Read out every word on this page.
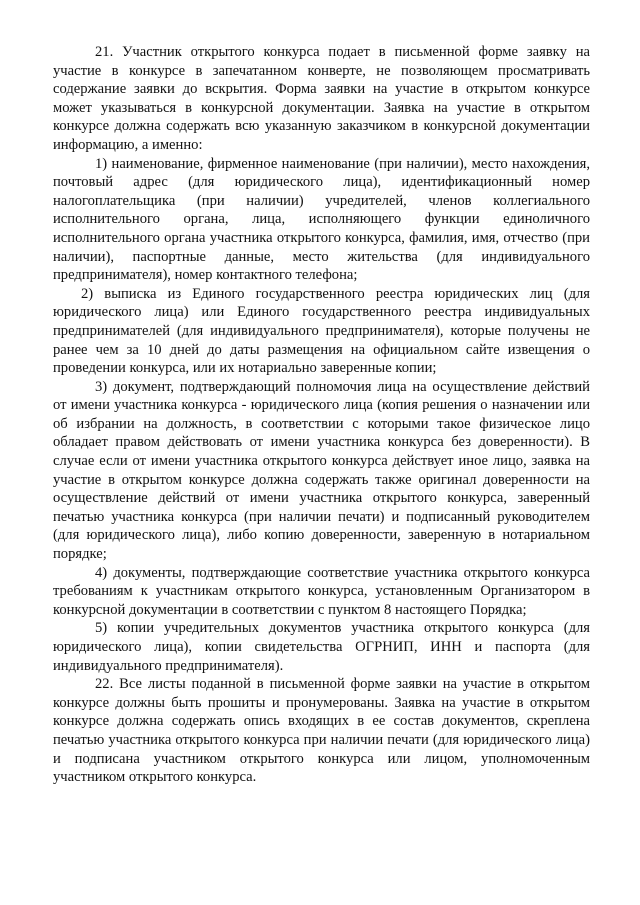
21. Участник открытого конкурса подает в письменной форме заявку на участие в конкурсе в запечатанном конверте, не позволяющем просматривать содержание заявки до вскрытия. Форма заявки на участие в открытом конкурсе может указываться в конкурсной документации. Заявка на участие в открытом конкурсе должна содержать всю указанную заказчиком в конкурсной документации информацию, а именно:

1) наименование, фирменное наименование (при наличии), место нахождения, почтовый адрес (для юридического лица), идентификационный номер налогоплательщика (при наличии) учредителей, членов коллегиального исполнительного органа, лица, исполняющего функции единоличного исполнительного органа участника открытого конкурса, фамилия, имя, отчество (при наличии), паспортные данные, место жительства (для индивидуального предпринимателя), номер контактного телефона;

2) выписка из Единого государственного реестра юридических лиц (для юридического лица) или Единого государственного реестра индивидуальных предпринимателей (для индивидуального предпринимателя), которые получены не ранее чем за 10 дней до даты размещения на официальном сайте извещения о проведении конкурса, или их нотариально заверенные копии;

3) документ, подтверждающий полномочия лица на осуществление действий от имени участника конкурса - юридического лица (копия решения о назначении или об избрании на должность, в соответствии с которыми такое физическое лицо обладает правом действовать от имени участника конкурса без доверенности). В случае если от имени участника открытого конкурса действует иное лицо, заявка на участие в открытом конкурсе должна содержать также оригинал доверенности на осуществление действий от имени участника открытого конкурса, заверенный печатью участника конкурса (при наличии печати) и подписанный руководителем (для юридического лица), либо копию доверенности, заверенную в нотариальном порядке;

4) документы, подтверждающие соответствие участника открытого конкурса требованиям к участникам открытого конкурса, установленным Организатором в конкурсной документации в соответствии с пунктом 8 настоящего Порядка;

5) копии учредительных документов участника открытого конкурса (для юридического лица), копии свидетельства ОГРНИП, ИНН и паспорта (для индивидуального предпринимателя).

22. Все листы поданной в письменной форме заявки на участие в открытом конкурсе должны быть прошиты и пронумерованы. Заявка на участие в открытом конкурсе должна содержать опись входящих в ее состав документов, скреплена печатью участника открытого конкурса при наличии печати (для юридического лица) и подписана участником открытого конкурса или лицом, уполномоченным участником открытого конкурса.
